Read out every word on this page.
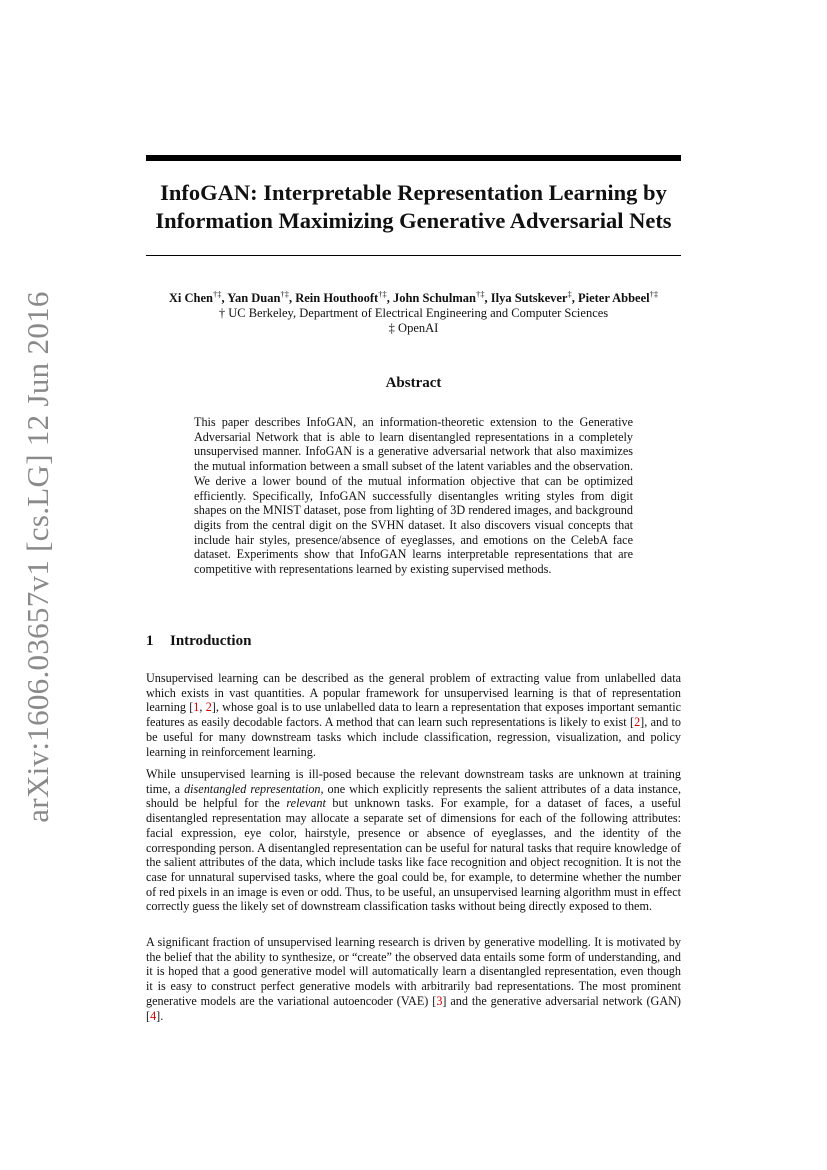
arXiv:1606.03657v1 [cs.LG] 12 Jun 2016
InfoGAN: Interpretable Representation Learning by
Information Maximizing Generative Adversarial Nets
Xi Chen†‡, Yan Duan†‡, Rein Houthooft†‡, John Schulman†‡, Ilya Sutskever‡, Pieter Abbeel†‡
† UC Berkeley, Department of Electrical Engineering and Computer Sciences
‡ OpenAI
Abstract

This paper describes InfoGAN, an information-theoretic extension to the Generative Adversarial Network that is able to learn disentangled representations in a completely unsupervised manner. InfoGAN is a generative adversarial network that also maximizes the mutual information between a small subset of the latent variables and the observation. We derive a lower bound of the mutual information objective that can be optimized efficiently. Specifically, InfoGAN successfully disentangles writing styles from digit shapes on the MNIST dataset, pose from lighting of 3D rendered images, and background digits from the central digit on the SVHN dataset. It also discovers visual concepts that include hair styles, presence/absence of eyeglasses, and emotions on the CelebA face dataset. Experiments show that InfoGAN learns interpretable representations that are competitive with representations learned by existing supervised methods.

1 Introduction

Unsupervised learning can be described as the general problem of extracting value from unlabelled data which exists in vast quantities. A popular framework for unsupervised learning is that of representation learning [1, 2], whose goal is to use unlabelled data to learn a representation that exposes important semantic features as easily decodable factors. A method that can learn such representations is likely to exist [2], and to be useful for many downstream tasks which include classification, regression, visualization, and policy learning in reinforcement learning.

While unsupervised learning is ill-posed because the relevant downstream tasks are unknown at training time, a disentangled representation, one which explicitly represents the salient attributes of a data instance, should be helpful for the relevant but unknown tasks. For example, for a dataset of faces, a useful disentangled representation may allocate a separate set of dimensions for each of the following attributes: facial expression, eye color, hairstyle, presence or absence of eyeglasses, and the identity of the corresponding person. A disentangled representation can be useful for natural tasks that require knowledge of the salient attributes of the data, which include tasks like face recognition and object recognition. It is not the case for unnatural supervised tasks, where the goal could be, for example, to determine whether the number of red pixels in an image is even or odd. Thus, to be useful, an unsupervised learning algorithm must in effect correctly guess the likely set of downstream classification tasks without being directly exposed to them.

A significant fraction of unsupervised learning research is driven by generative modelling. It is motivated by the belief that the ability to synthesize, or “create” the observed data entails some form of understanding, and it is hoped that a good generative model will automatically learn a disentangled representation, even though it is easy to construct perfect generative models with arbitrarily bad representations. The most prominent generative models are the variational autoencoder (VAE) [3] and the generative adversarial network (GAN) [4].
